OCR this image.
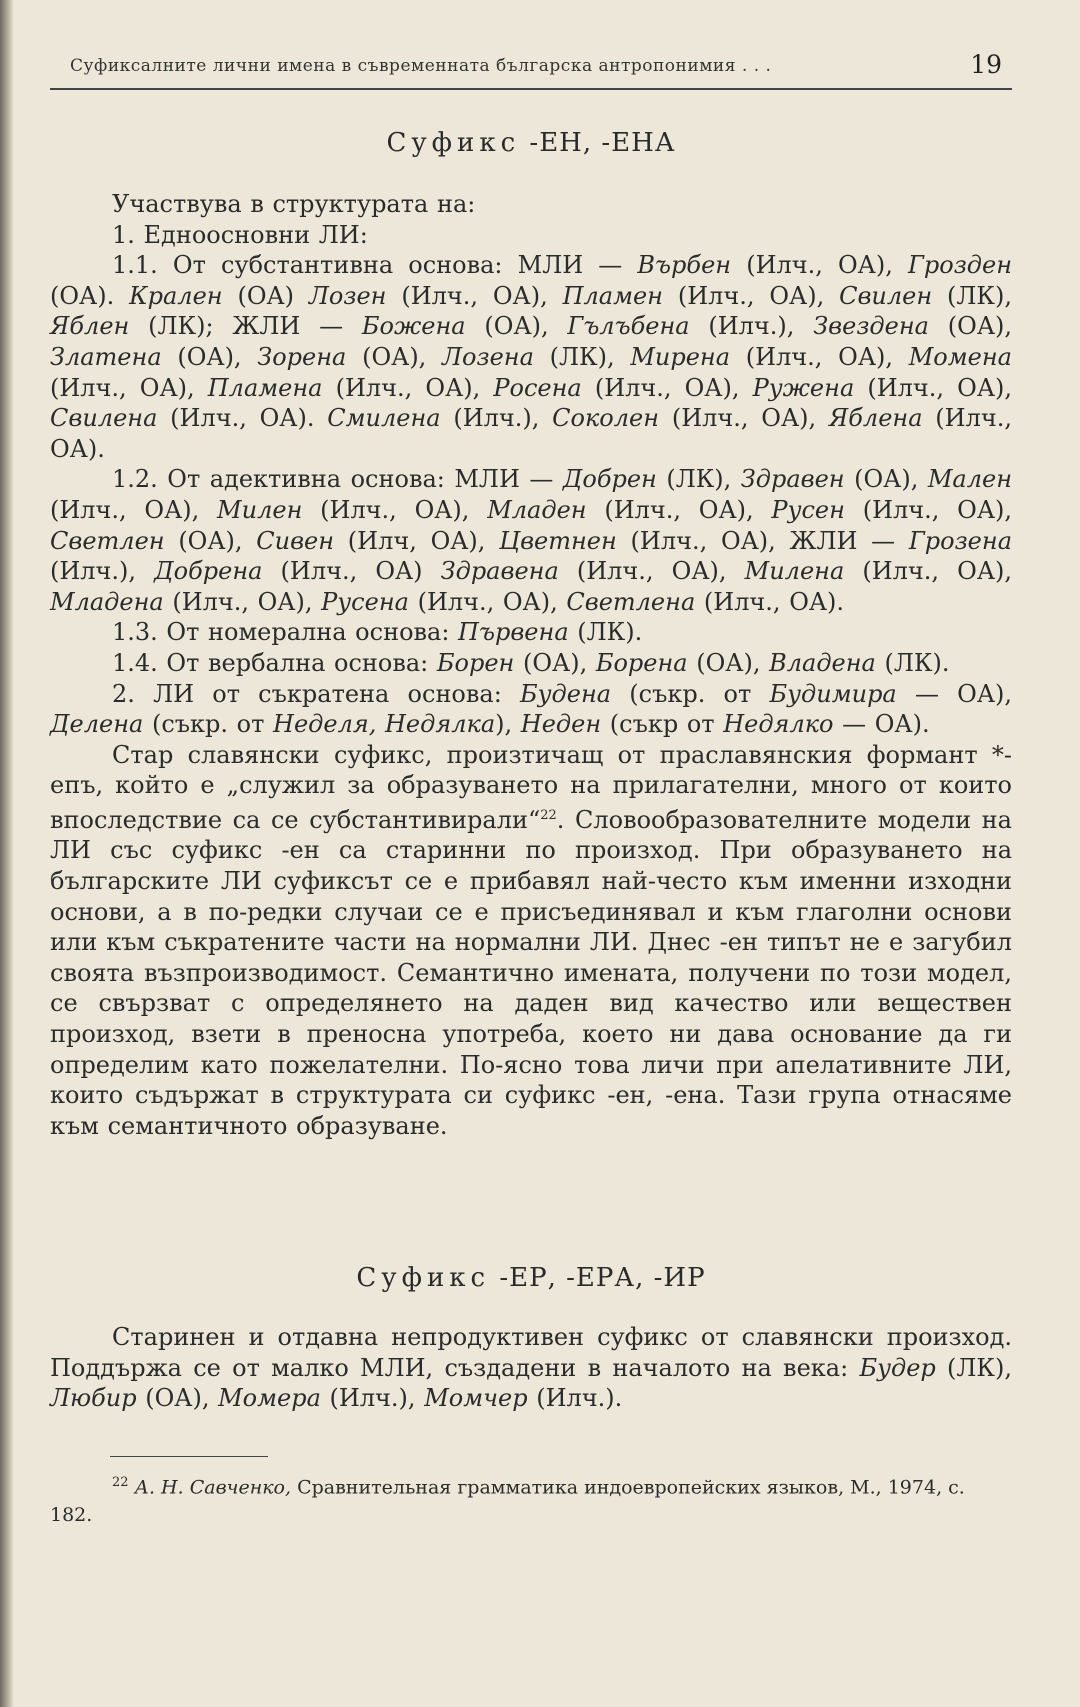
Суфиксалните лични имена в съвременната българска антропонимия . . .	19
Суфикс -ЕН, -ЕНА

Участвува в структурата на:

1. Едноосновни ЛИ:

1.1. От субстантивна основа: МЛИ — Върбен (Илч., ОА), Грозден (ОА). Крален (ОА) Лозен (Илч., ОА), Пламен (Илч., ОА), Свилен (ЛК), Яблен (ЛК); ЖЛИ — Божена (ОА), Гълъбена (Илч.), Звездена (ОА), Златена (ОА), Зорена (ОА), Лозена (ЛК), Мирена (Илч., ОА), Момена (Илч., ОА), Пламена (Илч., ОА), Росена (Илч., ОА), Ружена (Илч., ОА), Свилена (Илч., ОА). Смилена (Илч.), Соколен (Илч., ОА), Яблена (Илч., ОА).

1.2. От адективна основа: МЛИ — Добрен (ЛК), Здравен (ОА), Мален (Илч., ОА), Милен (Илч., ОА), Младен (Илч., ОА), Русен (Илч., ОА), Светлен (ОА), Сивен (Илч, ОА), Цветнен (Илч., ОА), ЖЛИ — Грозена (Илч.), Добрена (Илч., ОА) Здравена (Илч., ОА), Милена (Илч., ОА), Младена (Илч., ОА), Русена (Илч., ОА), Светлена (Илч., ОА).

1.3. От номерална основа: Първена (ЛК).

1.4. От вербална основа: Борен (ОА), Борена (ОА), Владена (ЛК).

2. ЛИ от съкратена основа: Будена (съкр. от Будимира — ОА), Делена (съкр. от Неделя, Недялка), Неден (съкр от Недялко — ОА).

Стар славянски суфикс, произтичащ от праславянския формант *-епъ, който е „служил за образуването на прилагателни, много от които впоследствие са се субстантивирали“$^{22}$. Словообразователните модели на ЛИ със суфикс -ен са старинни по произход. При образуването на българските ЛИ суфиксът се е прибавял най-често към именни изходни основи, а в по-редки случаи се е присъединявал и към глаголни основи или към съкратените части на нормални ЛИ. Днес -ен типът не е загубил своята възпроизводимост. Семантично имената, получени по този модел, се свързват с определянето на даден вид качество или веществен произход, взети в преносна употреба, което ни дава основание да ги определим като пожелателни. По-ясно това личи при апелативните ЛИ, които съдържат в структурата си суфикс -ен, -ена. Тази група отнасяме към семантичното образуване.

Суфикс -ЕР, -ЕРА, -ИР

Старинен и отдавна непродуктивен суфикс от славянски произход. Поддържа се от малко МЛИ, създадени в началото на века: Будер (ЛК), Любир (ОА), Момера (Илч.), Момчер (Илч.).

$^{22}$ А. Н. Савченко, Сравнительная грамматика индоевропейских языков, М., 1974, с. 182.
